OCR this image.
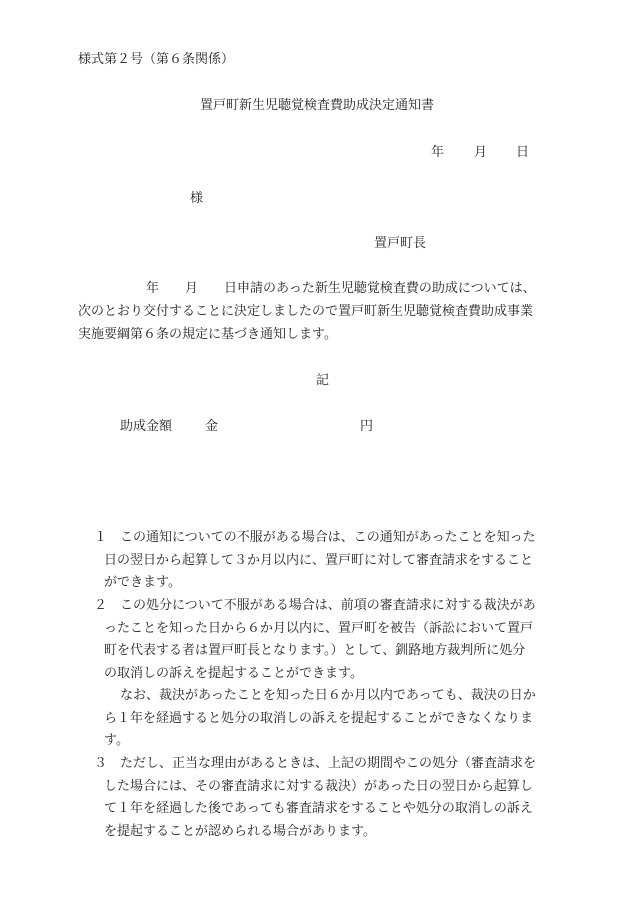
様式第２号（第６条関係）
置戸町新生児聴覚検査費助成決定通知書
年 月 日
様
置戸町長
年　　月　　日申請のあった新生児聴覚検査費の助成については、
次のとおり交付することに決定しましたので置戸町新生児聴覚検査費助成事業
実施要綱第６条の規定に基づき通知します。
記
助成金額	金	円
１ この通知についての不服がある場合は、この通知があったことを知った
日の翌日から起算して３か月以内に、置戸町に対して審査請求をすること
ができます。
２ この処分について不服がある場合は、前項の審査請求に対する裁決があ
ったことを知った日から６か月以内に、置戸町を被告（訴訟において置戸
町を代表する者は置戸町長となります。）として、釧路地方裁判所に処分
の取消しの訴えを提起することができます。
なお、裁決があったことを知った日６か月以内であっても、裁決の日か
ら１年を経過すると処分の取消しの訴えを提起することができなくなりま
す。
３ ただし、正当な理由があるときは、上記の期間やこの処分（審査請求を
した場合には、その審査請求に対する裁決）があった日の翌日から起算し
て１年を経過した後であっても審査請求をすることや処分の取消しの訴え
を提起することが認められる場合があります。
